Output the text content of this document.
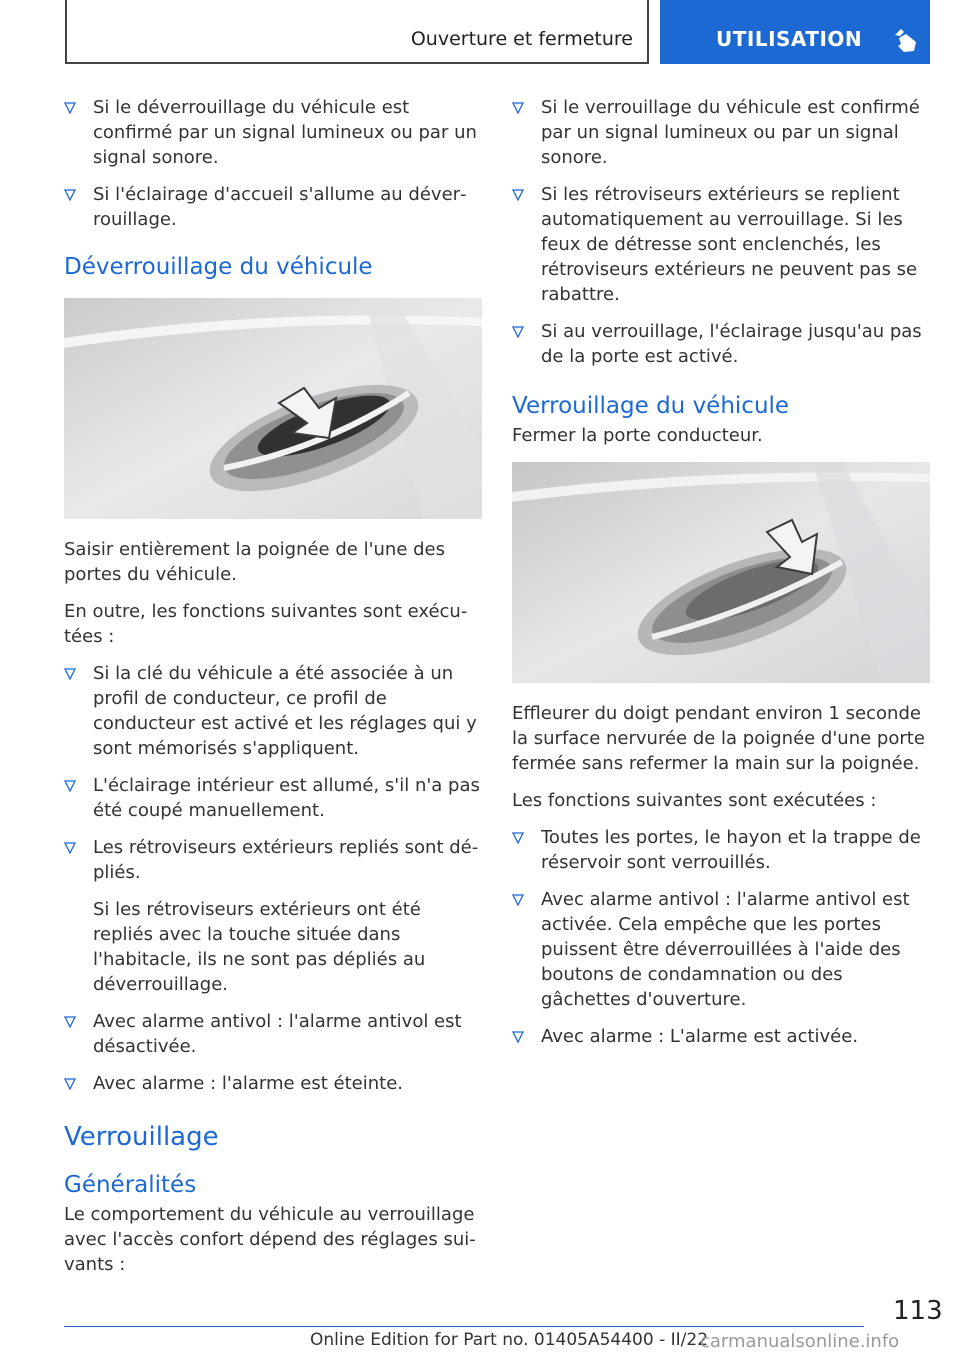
Ouverture et fermeture	UTILISATION
Si le déverrouillage du véhicule est confirmé par un signal lumineux ou par un signal sonore.
Si l'éclairage d'accueil s'allume au déverrouillage.
Déverrouillage du véhicule

Saisir entièrement la poignée de l'une des portes du véhicule.

En outre, les fonctions suivantes sont exécutées :

Si la clé du véhicule a été associée à un profil de conducteur, ce profil de conducteur est activé et les réglages qui y sont mémorisés s'appliquent.
L'éclairage intérieur est allumé, s'il n'a pas été coupé manuellement.
Les rétroviseurs extérieurs repliés sont dépliés.
Si les rétroviseurs extérieurs ont été repliés avec la touche située dans l'habitacle, ils ne sont pas dépliés au déverrouillage.
Avec alarme antivol : l'alarme antivol est désactivée.
Avec alarme : l'alarme est éteinte.
Verrouillage
Généralités

Le comportement du véhicule au verrouillage avec l'accès confort dépend des réglages suivants :

Si le verrouillage du véhicule est confirmé par un signal lumineux ou par un signal sonore.
Si les rétroviseurs extérieurs se replient automatiquement au verrouillage. Si les feux de détresse sont enclenchés, les rétroviseurs extérieurs ne peuvent pas se rabattre.
Si au verrouillage, l'éclairage jusqu'au pas de la porte est activé.
Verrouillage du véhicule

Fermer la porte conducteur.

Effleurer du doigt pendant environ 1 seconde la surface nervurée de la poignée d'une porte fermée sans refermer la main sur la poignée.

Les fonctions suivantes sont exécutées :

Toutes les portes, le hayon et la trappe de réservoir sont verrouillés.
Avec alarme antivol : l'alarme antivol est activée. Cela empêche que les portes puissent être déverrouillées à l'aide des boutons de condamnation ou des gâchettes d'ouverture.
Avec alarme : L'alarme est activée.
113
Online Edition for Part no. 01405A54400 - II/22
carmanualsonline.info
